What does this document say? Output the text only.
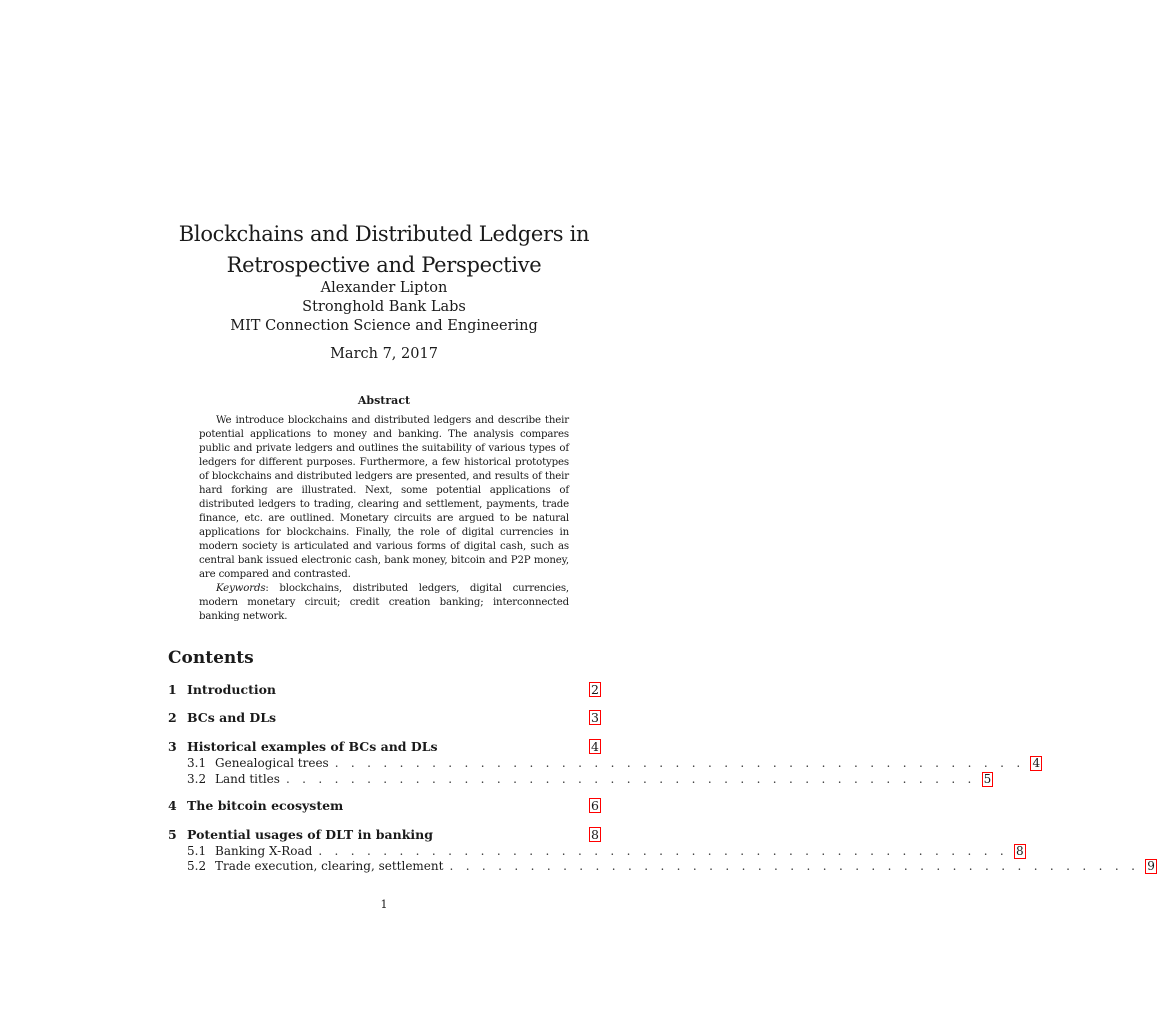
Blockchains and Distributed Ledgers in
Retrospective and Perspective
Alexander Lipton
Stronghold Bank Labs
MIT Connection Science and Engineering
March 7, 2017
Abstract

We introduce blockchains and distributed ledgers and describe their potential applications to money and banking. The analysis compares public and private ledgers and outlines the suitability of various types of ledgers for different purposes. Furthermore, a few historical prototypes of blockchains and distributed ledgers are presented, and results of their hard forking are illustrated. Next, some potential applications of distributed ledgers to trading, clearing and settlement, payments, trade finance, etc. are outlined. Monetary circuits are argued to be natural applications for blockchains. Finally, the role of digital currencies in modern society is articulated and various forms of digital cash, such as central bank issued electronic cash, bank money, bitcoin and P2P money, are compared and contrasted.

Keywords: blockchains, distributed ledgers, digital currencies, modern monetary circuit; credit creation banking; interconnected banking network.

Contents
1 Introduction	2
2 BCs and DLs	3
3 Historical examples of BCs and DLs	4
3.1 Genealogical trees . . . . . . . . . . . . . . . . . . . . . . . . . . . . . . . . . . . . . . . . . . . 4
3.2 Land titles . . . . . . . . . . . . . . . . . . . . . . . . . . . . . . . . . . . . . . . . . . . 5
4 The bitcoin ecosystem	6
5 Potential usages of DLT in banking	8
5.1 Banking X-Road . . . . . . . . . . . . . . . . . . . . . . . . . . . . . . . . . . . . . . . . . . . 8
5.2 Trade execution, clearing, settlement . . . . . . . . . . . . . . . . . . . . . . . . . . . . . . . . . . . . . . . . . . . 9
1
